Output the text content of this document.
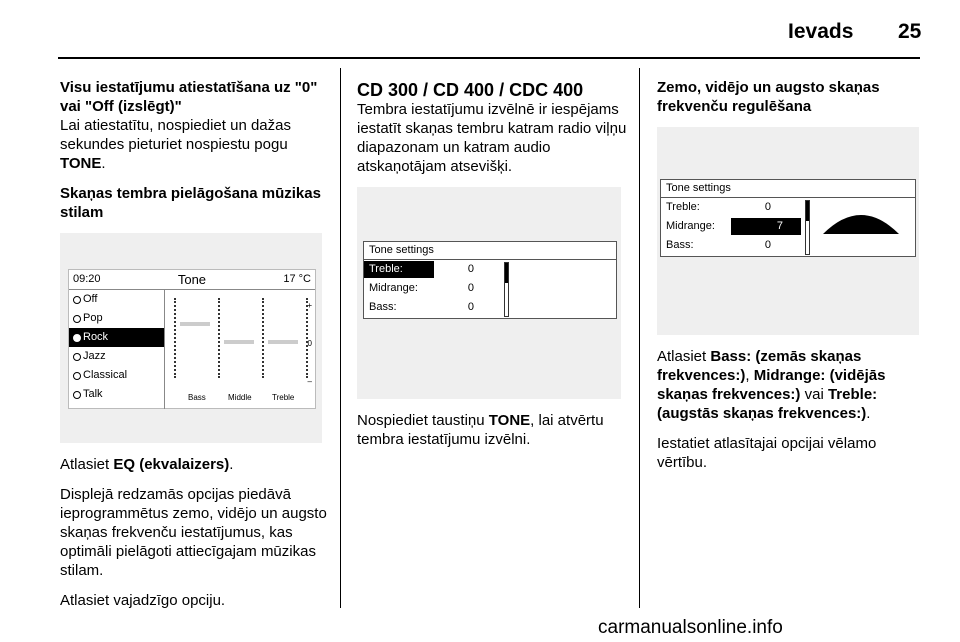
Ievads 25

Visu iestatījumu atiestatīšana uz "0" vai "Off (izslēgt)"

Lai atiestatītu, nospiediet un dažas sekundes pieturiet nospiestu pogu TONE.

Skaņas tembra pielāgošana mūzikas stilam

09:20	Tone	17 °C
Off
Pop
Rock
Jazz
Classical
Talk
+
0
–
Bass	Middle	Treble

Atlasiet EQ (ekvalaizers).

Displejā redzamās opcijas piedāvā ieprogrammētus zemo, vidējo un augsto skaņas frekvenču iestatījumus, kas optimāli pielāgoti attiecīgajam mūzikas stilam.

Atlasiet vajadzīgo opciju.

CD 300 / CD 400 / CDC 400

Tembra iestatījumu izvēlnē ir iespējams iestatīt skaņas tembru katram radio viļņu diapazonam un katram audio atskaņotājam atsevišķi.

Tone settings
Treble:	0
Midrange:	0
Bass:	0

Nospiediet taustiņu TONE, lai atvērtu tembra iestatījumu izvēlni.

Zemo, vidējo un augsto skaņas frekvenču regulēšana

Tone settings
Treble:	0
Midrange:	7
Bass:	0

Atlasiet Bass: (zemās skaņas frekvences:), Midrange: (vidējās skaņas frekvences:) vai Treble: (augstās skaņas frekvences:).

Iestatiet atlasītajai opcijai vēlamo vērtību.

carmanualsonline.info
